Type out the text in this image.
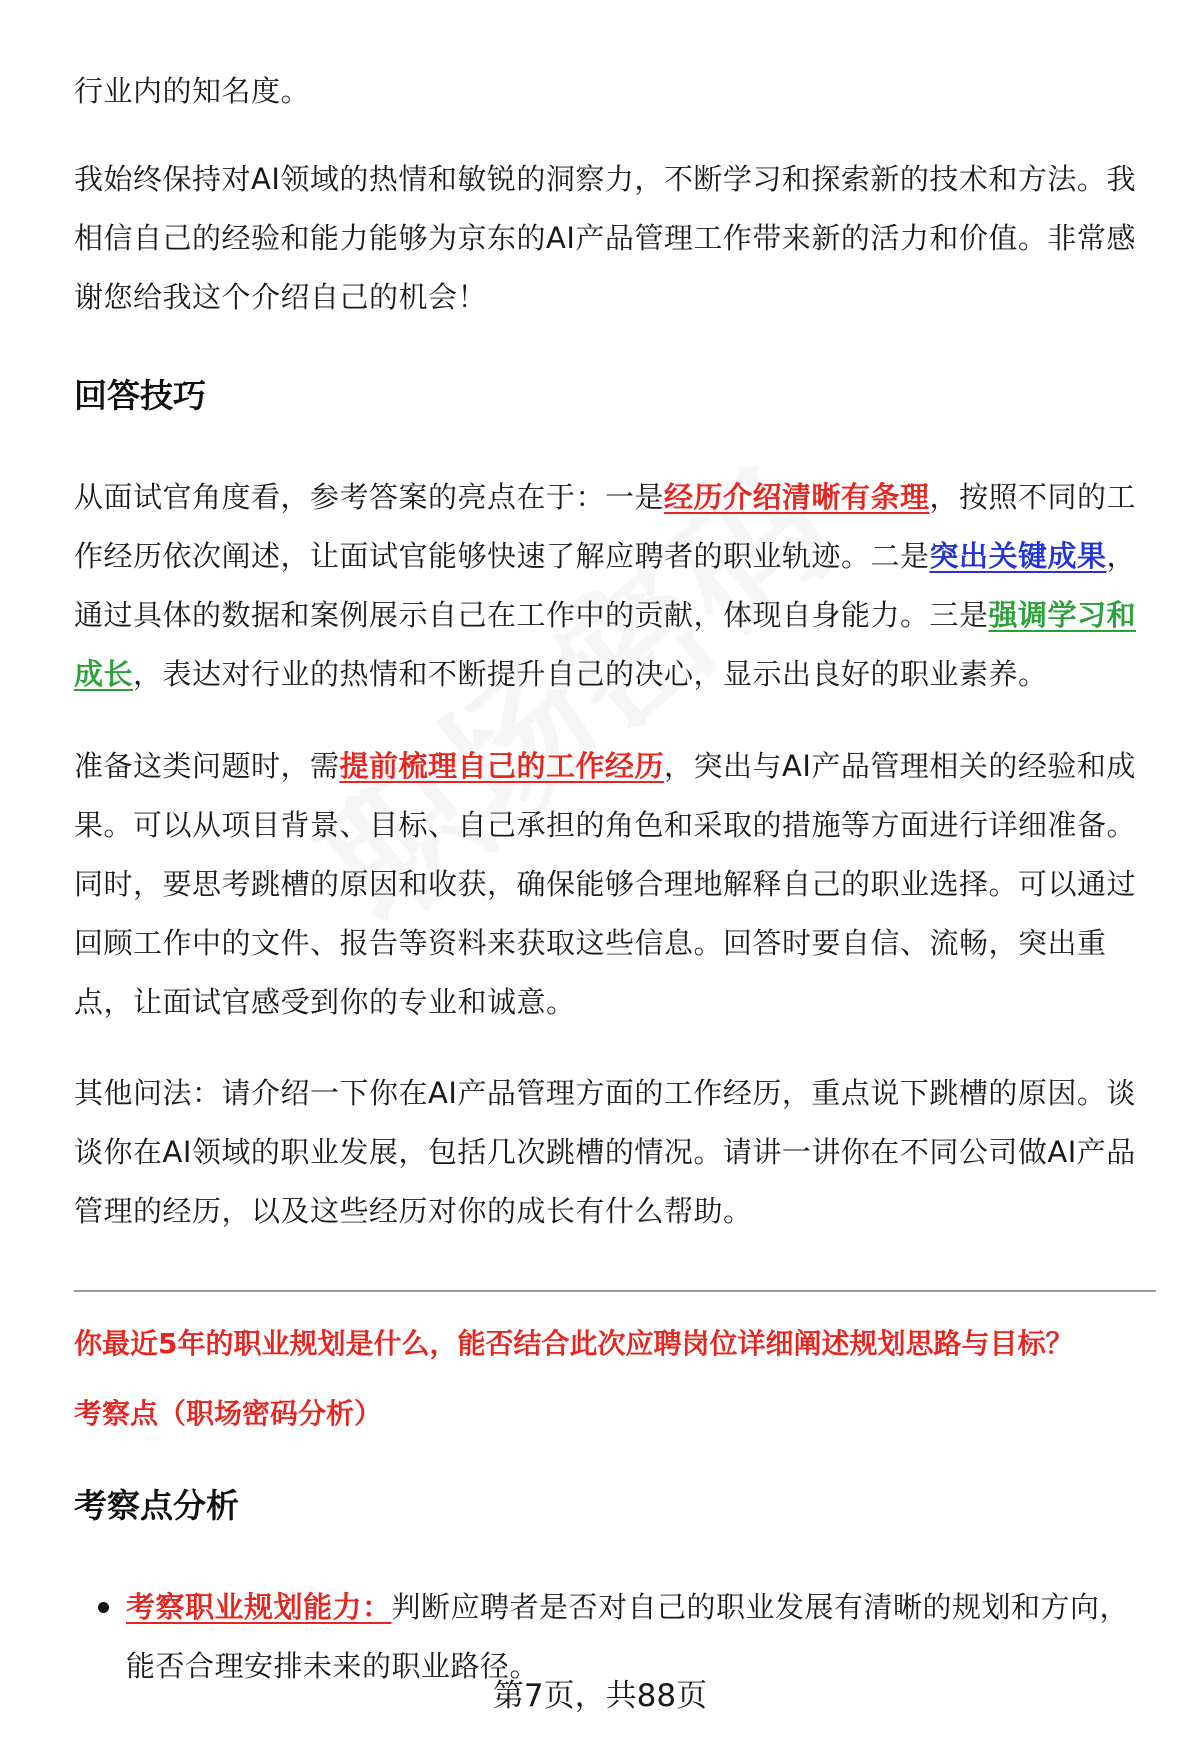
行业内的知名度。

我始终保持对AI领域的热情和敏锐的洞察力，不断学习和探索新的技术和方法。我相信自己的经验和能力能够为京东的AI产品管理工作带来新的活力和价值。非常感谢您给我这个介绍自己的机会！

回答技巧

从面试官角度看，参考答案的亮点在于：一是经历介绍清晰有条理，按照不同的工作经历依次阐述，让面试官能够快速了解应聘者的职业轨迹。二是突出关键成果，通过具体的数据和案例展示自己在工作中的贡献，体现自身能力。三是强调学习和成长，表达对行业的热情和不断提升自己的决心，显示出良好的职业素养。

准备这类问题时，需提前梳理自己的工作经历，突出与AI产品管理相关的经验和成果。可以从项目背景、目标、自己承担的角色和采取的措施等方面进行详细准备。同时，要思考跳槽的原因和收获，确保能够合理地解释自己的职业选择。可以通过回顾工作中的文件、报告等资料来获取这些信息。回答时要自信、流畅，突出重点，让面试官感受到你的专业和诚意。

其他问法：请介绍一下你在AI产品管理方面的工作经历，重点说下跳槽的原因。谈谈你在AI领域的职业发展，包括几次跳槽的情况。请讲一讲你在不同公司做AI产品管理的经历，以及这些经历对你的成长有什么帮助。

你最近5年的职业规划是什么，能否结合此次应聘岗位详细阐述规划思路与目标？

考察点（职场密码分析）

考察点分析

考察职业规划能力：判断应聘者是否对自己的职业发展有清晰的规划和方向，能否合理安排未来的职业路径。

第7页，共88页
